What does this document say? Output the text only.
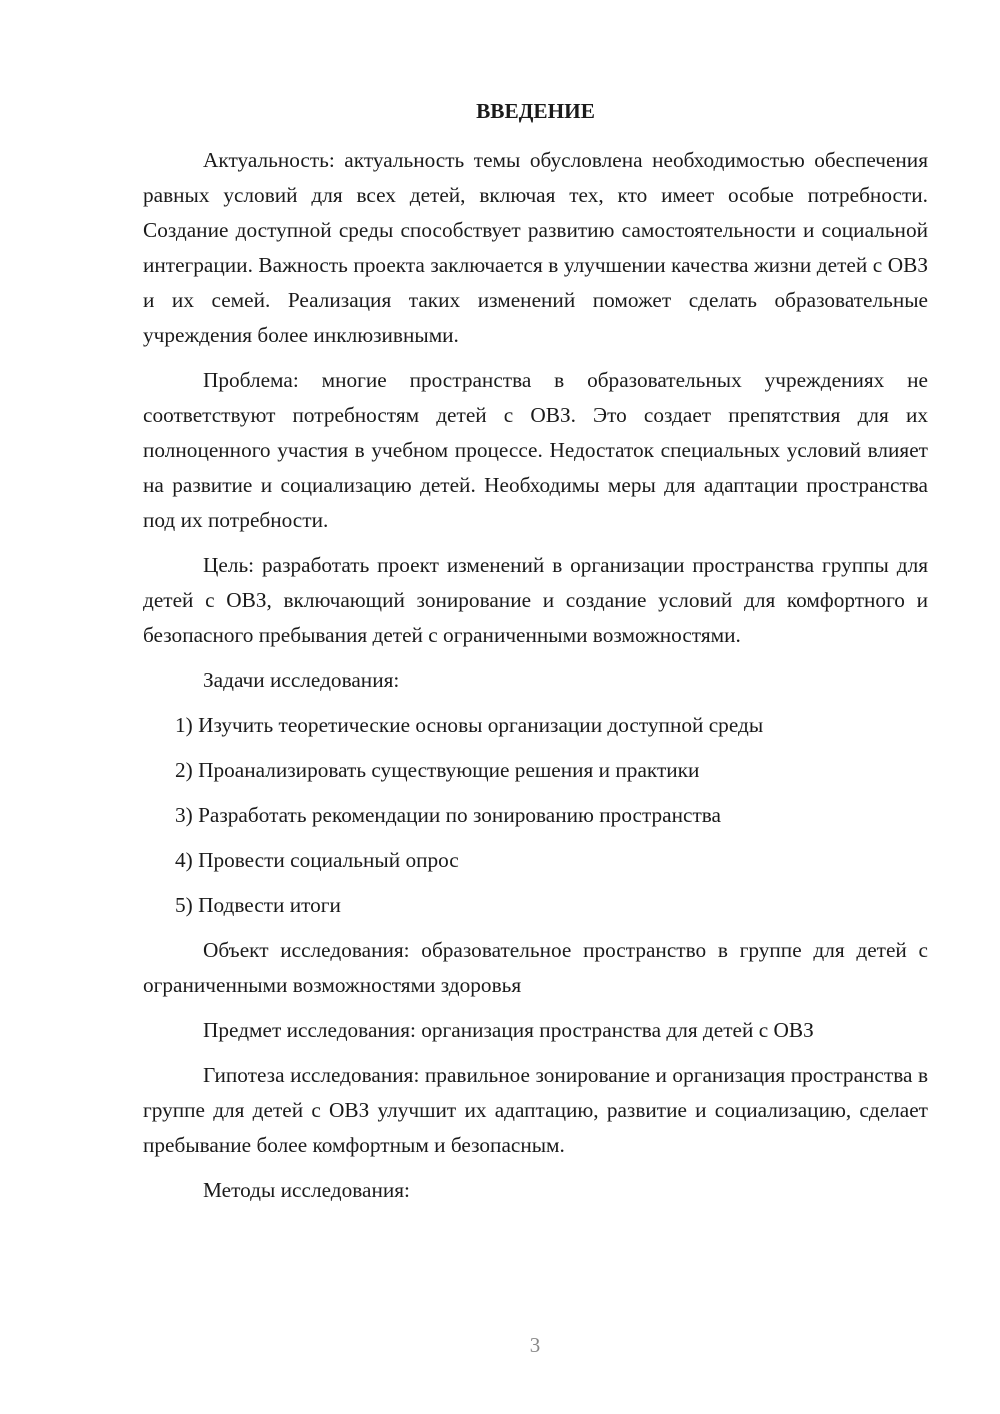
ВВЕДЕНИЕ

Актуальность: актуальность темы обусловлена необходимостью обеспечения равных условий для всех детей, включая тех, кто имеет особые потребности. Создание доступной среды способствует развитию самостоятельности и социальной интеграции. Важность проекта заключается в улучшении качества жизни детей с ОВЗ и их семей. Реализация таких изменений поможет сделать образовательные учреждения более инклюзивными.

Проблема: многие пространства в образовательных учреждениях не соответствуют потребностям детей с ОВЗ. Это создает препятствия для их полноценного участия в учебном процессе. Недостаток специальных условий влияет на развитие и социализацию детей. Необходимы меры для адаптации пространства под их потребности.

Цель: разработать проект изменений в организации пространства группы для детей с ОВЗ, включающий зонирование и создание условий для комфортного и безопасного пребывания детей с ограниченными возможностями.

Задачи исследования:

1) Изучить теоретические основы организации доступной среды
2) Проанализировать существующие решения и практики
3) Разработать рекомендации по зонированию пространства
4) Провести социальный опрос
5) Подвести итоги

Объект исследования: образовательное пространство в группе для детей с ограниченными возможностями здоровья

Предмет исследования: организация пространства для детей с ОВЗ

Гипотеза исследования: правильное зонирование и организация пространства в группе для детей с ОВЗ улучшит их адаптацию, развитие и социализацию, сделает пребывание более комфортным и безопасным.

Методы исследования:

3
